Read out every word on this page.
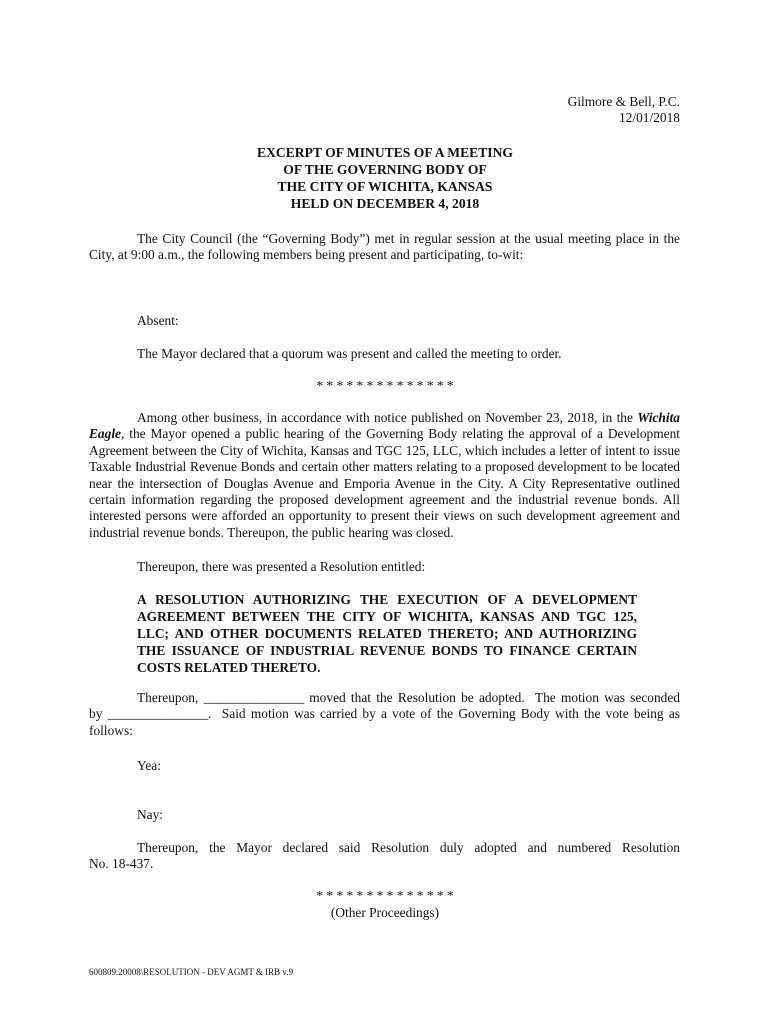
Gilmore & Bell, P.C.
12/01/2018
EXCERPT OF MINUTES OF A MEETING
OF THE GOVERNING BODY OF
THE CITY OF WICHITA, KANSAS
HELD ON DECEMBER 4, 2018
The City Council (the “Governing Body”) met in regular session at the usual meeting place in the
City, at 9:00 a.m., the following members being present and participating, to-wit:
Absent:
The Mayor declared that a quorum was present and called the meeting to order.
* * * * * * * * * * * * * *
Among other business, in accordance with notice published on November 23, 2018, in the Wichita Eagle, the Mayor opened a public hearing of the Governing Body relating the approval of a Development Agreement between the City of Wichita, Kansas and TGC 125, LLC, which includes a letter of intent to issue Taxable Industrial Revenue Bonds and certain other matters relating to a proposed development to be located near the intersection of Douglas Avenue and Emporia Avenue in the City. A City Representative outlined certain information regarding the proposed development agreement and the industrial revenue bonds. All interested persons were afforded an opportunity to present their views on such development agreement and industrial revenue bonds. Thereupon, the public hearing was closed.
Thereupon, there was presented a Resolution entitled:
A RESOLUTION AUTHORIZING THE EXECUTION OF A DEVELOPMENT
AGREEMENT BETWEEN THE CITY OF WICHITA, KANSAS AND TGC 125,
LLC; AND OTHER DOCUMENTS RELATED THERETO; AND AUTHORIZING
THE ISSUANCE OF INDUSTRIAL REVENUE BONDS TO FINANCE CERTAIN
COSTS RELATED THERETO.
Thereupon, _______________ moved that the Resolution be adopted.  The motion was seconded
by _______________.  Said motion was carried by a vote of the Governing Body with the vote being as
follows:
Yea:
Nay:
Thereupon, the Mayor declared said Resolution duly adopted and numbered Resolution
No. 18-437.
* * * * * * * * * * * * * *
(Other Proceedings)
600809.20008\RESOLUTION - DEV AGMT & IRB v.9
